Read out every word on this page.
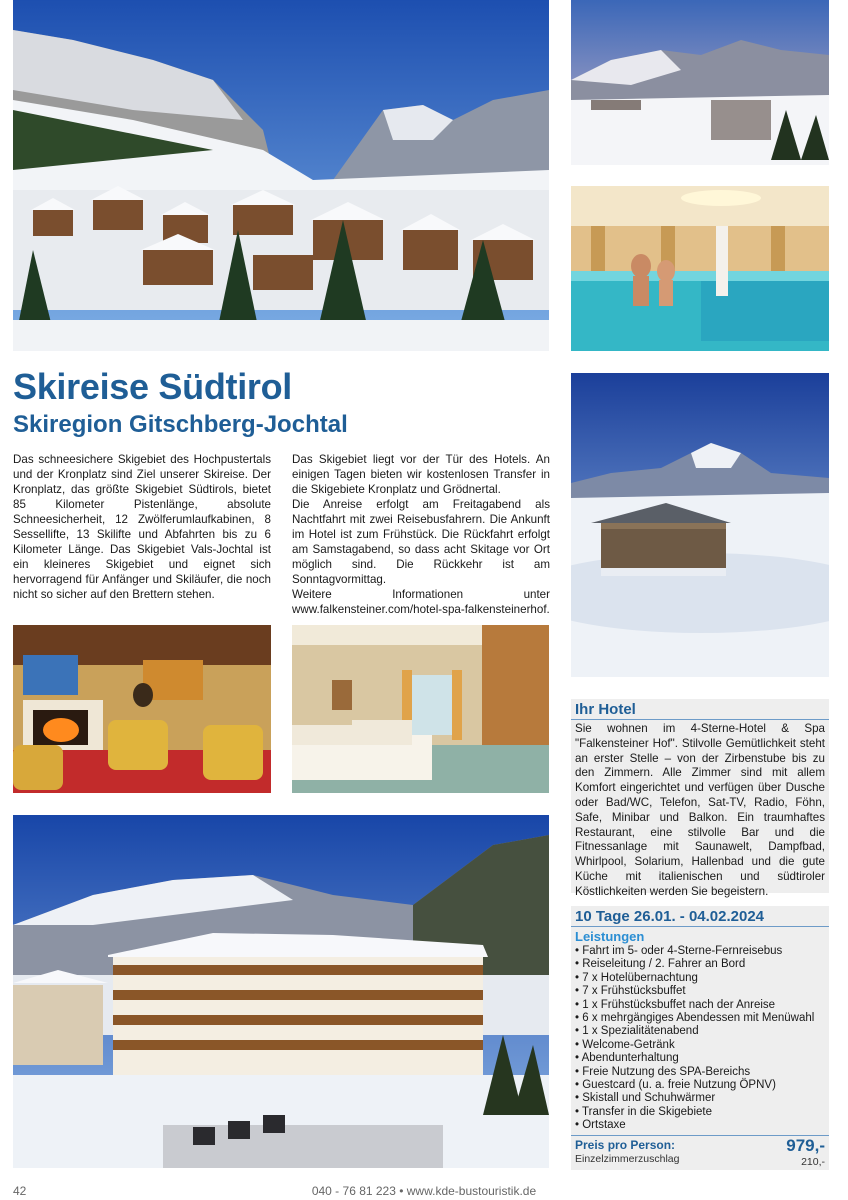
Skireise Südtirol
Skiregion Gitschberg-Jochtal

Das schneesichere Skigebiet des Hochpustertals und der Kronplatz sind Ziel unserer Skireise. Der Kronplatz, das größte Skigebiet Südtirols, bietet 85 Kilometer Pistenlänge, absolute Schneesicherheit, 12 Zwölferumlaufkabinen, 8 Sessellifte, 13 Skilifte und Abfahrten bis zu 6 Kilometer Länge. Das Skigebiet Vals-Jochtal ist ein kleineres Skigebiet und eignet sich hervorragend für Anfänger und Skiläufer, die noch nicht so sicher auf den Brettern stehen.

Das Skigebiet liegt vor der Tür des Hotels. An einigen Tagen bieten wir kostenlosen Transfer in die Skigebiete Kronplatz und Grödnertal.

Die Anreise erfolgt am Freitagabend als Nachtfahrt mit zwei Reisebusfahrern. Die Ankunft im Hotel ist zum Frühstück. Die Rückfahrt erfolgt am Samstagabend, so dass acht Skitage vor Ort möglich sind. Die Rückkehr ist am Sonntagvormittag.

Weitere Informationen unter www.falkensteiner.com/hotel-spa-falkensteinerhof.

Ihr Hotel
Sie wohnen im 4-Sterne-Hotel & Spa "Falkensteiner Hof". Stilvolle Gemütlichkeit steht an erster Stelle – von der Zirbenstube bis zu den Zimmern. Alle Zimmer sind mit allem Komfort eingerichtet und verfügen über Dusche oder Bad/WC, Telefon, Sat-TV, Radio, Föhn, Safe, Minibar und Balkon. Ein traumhaftes Restaurant, eine stilvolle Bar und die Fitnessanlage mit Saunawelt, Dampfbad, Whirlpool, Solarium, Hallenbad und die gute Küche mit italienischen und südtiroler Köstlichkeiten werden Sie begeistern.
10 Tage 26.01. - 04.02.2024
Leistungen
• Fahrt im 5- oder 4-Sterne-Fernreisebus
• Reiseleitung / 2. Fahrer an Bord
• 7 x Hotelübernachtung
• 7 x Frühstücksbuffet
• 1 x Frühstücksbuffet nach der Anreise
• 6 x mehrgängiges Abendessen mit Menüwahl
• 1 x Spezialitätenabend
• Welcome-Getränk
• Abendunterhaltung
• Freie Nutzung des SPA-Bereichs
• Guestcard (u. a. freie Nutzung ÖPNV)
• Skistall und Schuhwärmer
• Transfer in die Skigebiete
• Ortstaxe
Preis pro Person:	979,-
Einzelzimmerzuschlag	210,-
040 - 76 81 223 • www.kde-bustouristik.de
42
